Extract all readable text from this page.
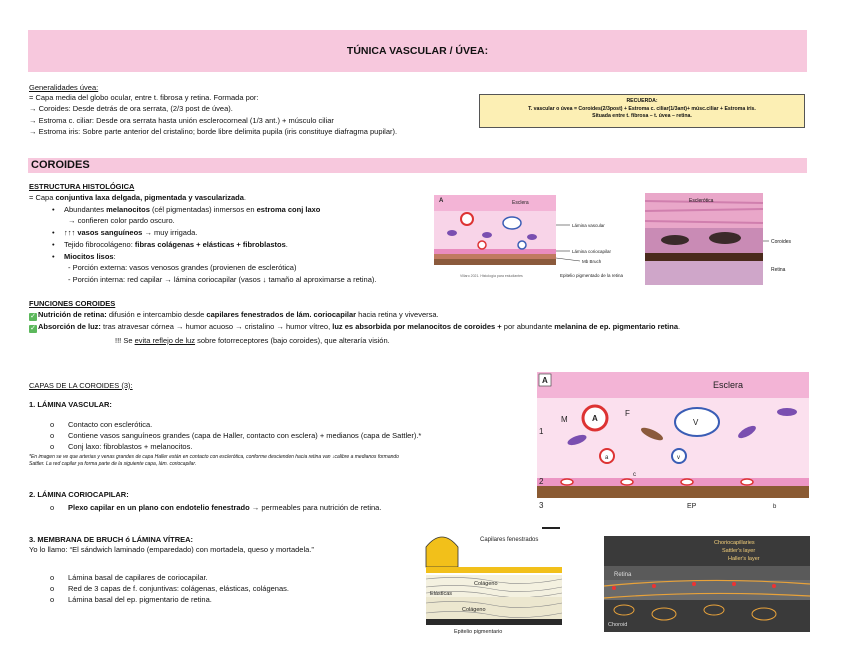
TÚNICA VASCULAR / ÚVEA:
Generalidades úvea:
= Capa media del globo ocular, entre t. fibrosa y retina. Formada por:
→ Coroides: Desde detrás de ora serrata, (2/3 post de úvea).
→ Estroma c. ciliar: Desde ora serrata hasta unión esclerocorneal (1/3 ant.) + músculo ciliar
→ Estroma iris: Sobre parte anterior del cristalino; borde libre delimita pupila (iris constituye diafragma pupilar).
RECUERDA:
T. vascular o úvea = Coroides(2/3post) + Estroma c. ciliar(1/3ant)+ músc.ciliar + Estroma iris.
Situada entre t. fibrosa – t. úvea – retina.
COROIDES
ESTRUCTURA HISTOLÓGICA
= Capa conjuntiva laxa delgada, pigmentada y vascularizada.
• Abundantes melanocitos (cél pigmentadas) inmersos en estroma conj laxo
→ confieren color pardo oscuro.
• ↑↑↑ vasos sanguíneos → muy irrigada.
• Tejido fibrocolágeno: fibras colágenas + elásticas + fibroblastos.
• Miocitos lisos:
- Porción externa: vasos venosos grandes (provienen de esclerótica)
- Porción interna: red capilar → lámina coriocapilar (vasos ↓ tamaño al aproximarse a retina).
A	Esclera
Lámina vascular
Lámina coriocapilar
Mb Bruch
Epitelio pigmentado de la retina
Villaro 2021. Histología para estudiantes
Esclerótica
Coroides
Retina
FUNCIONES COROIDES
✓ Nutrición de retina: difusión e intercambio desde capilares fenestrados de lám. coriocapilar hacia retina y viveversa.
✓ Absorción de luz: tras atravesar córnea → humor acuoso → cristalino → humor vítreo, luz es absorbida por melanocitos de coroides + por abundante melanina de ep. pigmentario retina.
!!! Se evita reflejo de luz sobre fotorreceptores (bajo coroides), que alteraría visión.
CAPAS DE LA COROIDES (3):
1. LÁMINA VASCULAR:
o Contacto con esclerótica.
o Contiene vasos sanguíneos grandes (capa de Haller, contacto con esclera) + medianos (capa de Sattler).*
o Conj laxo: fibroblastos + melanocitos.
*En imagen se ve que arterias y venas grandes de capa Haller están en contacto con esclerótica, conforme descienden hacia retina van ↓calibre a medianos formando
Sattler. La red capilar ya forma parte de la siguiente capa, lám. coriocapilar.
2. LÁMINA CORIOCAPILAR:
o Plexo capilar en un plano con endotelio fenestrado → permeables para nutrición de retina.
3. MEMBRANA DE BRUCH ó LÁMINA VÍTREA:
Yo lo llamo: “El sándwich laminado (emparedado) con mortadela, queso y mortadela.”
o Lámina basal de capilares de coriocapilar.
o Red de 3 capas de f. conjuntivas: colágenas, elásticas, colágenas.
o Lámina basal del ep. pigmentario de retina.
A	Esclera
A	V
M
F
a	v
c
EP
1
2
3	b
Capilares fenestrados
Colágeno
Elásticas
Colágeno
Epitelio pigmentario
Choriocapillaries
Sattler's layer
Haller's layer
Retina
Choroid
